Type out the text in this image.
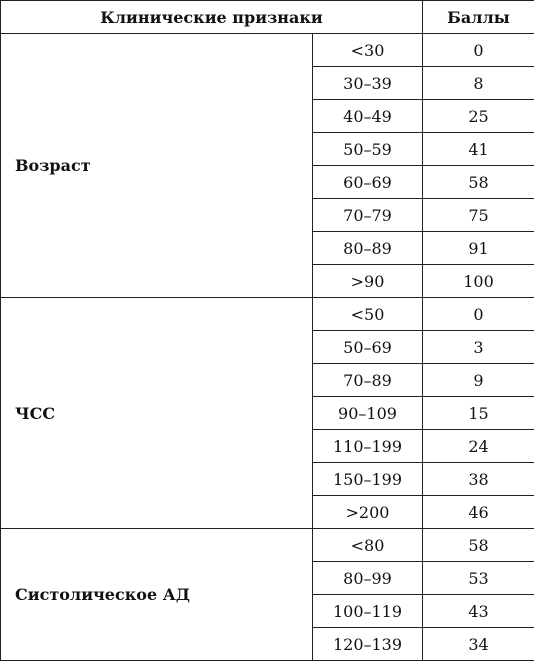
Клинические признаки		Баллы
Возраст	<30	0
	30–39	8
	40–49	25
	50–59	41
	60–69	58
	70–79	75
	80–89	91
	>90	100
ЧСС	<50	0
	50–69	3
	70–89	9
	90–109	15
	110–199	24
	150–199	38
	>200	46
Систолическое АД	<80	58
	80–99	53
	100–119	43
	120–139	34
